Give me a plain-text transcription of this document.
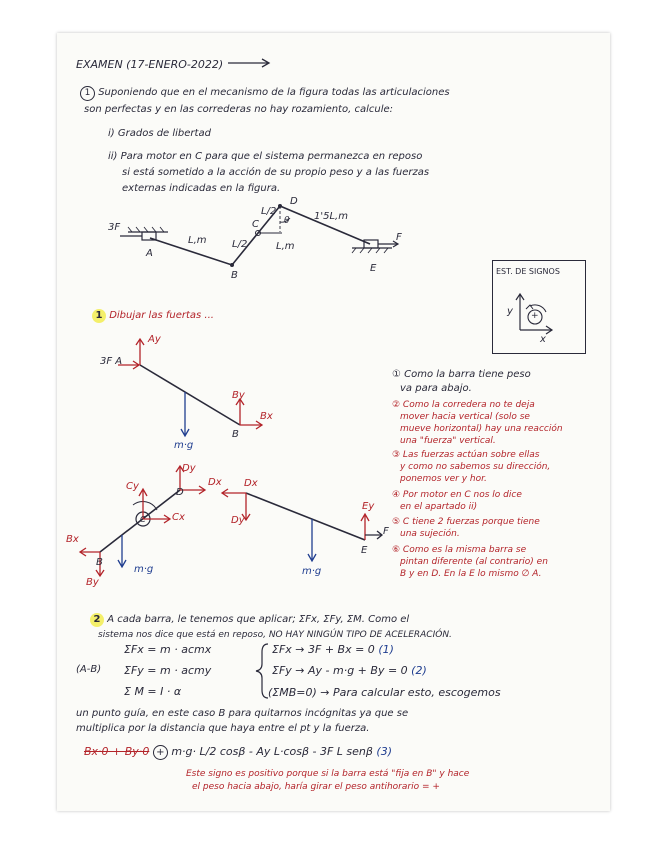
EXAMEN (17-ENERO-2022)

1 Suponiendo que en el mecanismo de la figura todas las articulaciones

son perfectas y en las correderas no hay rozamiento, calcule:

i) Grados de libertad

ii) Para motor en C para que el sistema permanezca en reposo

si está sometido a la acción de su propio peso y a las fuerzas

externas indicadas en la figura.

3F

A

B

C

D

E

F

L,m	L/2

L/2

L,m

1'5L,m

θ

EST. DE SIGNOS

y

x

+

1 Dibujar las fuertas ...

Ay

3F A

By

Bx

B

m·g

Cy

Cx

C

Dy

D

Dx

Bx

B

By

m·g

Dx

Dy

Ey

F

E

m·g

① Como la barra tiene peso

va para abajo.

② Como la corredera no te deja

mover hacia vertical (solo se

mueve horizontal) hay una reacción

una "fuerza" vertical.

③ Las fuerzas actúan sobre ellas

y como no sabemos su dirección,

ponemos ver y hor.

④ Por motor en C nos lo dice

en el apartado ii)

⑤ C tiene 2 fuerzas porque tiene

una sujeción.

⑥ Como es la misma barra se

pintan diferente (al contrario) en

B y en D. En la E lo mismo ∅ A.

2 A cada barra, le tenemos que aplicar; ΣFx, ΣFy, ΣM. Como el

sistema nos dice que está en reposo, NO HAY NINGÚN TIPO DE ACELERACIÓN.

(A-B)

ΣFx = m · acmx

ΣFy = m · acmy

Σ M = I · α

ΣFx → 3F + Bx = 0 (1)

ΣFy → Ay - m·g + By = 0 (2)

(ΣMB=0) → Para calcular esto, escogemos

un punto guía, en este caso B para quitarnos incógnitas ya que se

multiplica por la distancia que haya entre el pt y la fuerza.

Bx·0 + By·0 + m·g· L/2 cosβ - Ay L·cosβ - 3F L senβ (3)

Este signo es positivo porque si la barra está "fija en B" y hace

el peso hacia abajo, haría girar el peso antihorario = +
